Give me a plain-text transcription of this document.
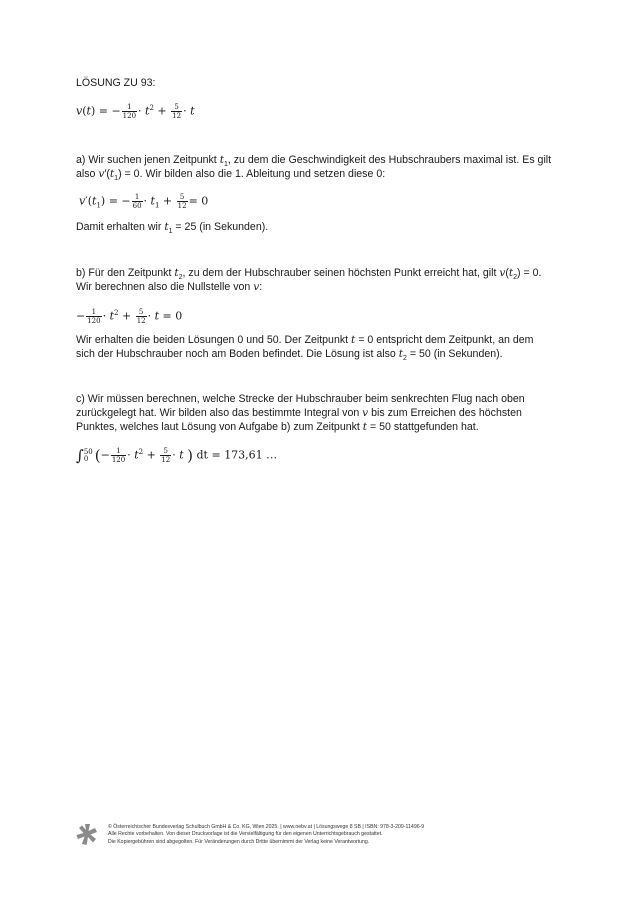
LÖSUNG ZU 93:
v(t) = − $\frac{1}{120} \cdot t^2 + \frac{5}{12} \cdot t$
a) Wir suchen jenen Zeitpunkt $t_1$, zu dem die Geschwindigkeit des Hubschraubers maximal ist. Es gilt
also $v'(t_1) = 0$. Wir bilden also die 1. Ableitung und setzen diese 0:
$v'(t_1)$ = − $\frac{1}{60} \cdot t_1 + \frac{5}{12} = 0$
Damit erhalten wir $t_1 = 25$ (in Sekunden).
b) Für den Zeitpunkt $t_2$, zu dem der Hubschrauber seinen höchsten Punkt erreicht hat, gilt $v(t_2) = 0$.
Wir berechnen also die Nullstelle von v:
− $\frac{1}{120} \cdot t^2 + \frac{5}{12} \cdot t = 0$
Wir erhalten die beiden Lösungen 0 und 50. Der Zeitpunkt t = 0 entspricht dem Zeitpunkt, an dem
sich der Hubschrauber noch am Boden befindet. Die Lösung ist also $t_2 = 50$ (in Sekunden).
c) Wir müssen berechnen, welche Strecke der Hubschrauber beim senkrechten Flug nach oben
zurückgelegt hat. Wir bilden also das bestimmte Integral von v bis zum Erreichen des höchsten
Punktes, welches laut Lösung von Aufgabe b) zum Zeitpunkt t = 50 stattgefunden hat.
∫50
0 (− $\frac{1}{120} \cdot t^2 + \frac{5}{12} \cdot t$ ) dt = 173,61 …
© Österreichischer Bundesverlag Schulbuch GmbH & Co. KG, Wien 2025. | www.oebv.at | Lösungswege 8 SB | ISBN: 978-3-209-11496-9
Alle Rechte vorbehalten. Von dieser Druckvorlage ist die Vervielfältigung für den eigenen Unterrichtsgebrauch gestattet.
Die Kopiergebühren sind abgegolten. Für Veränderungen durch Dritte übernimmt der Verlag keine Verantwortung.
